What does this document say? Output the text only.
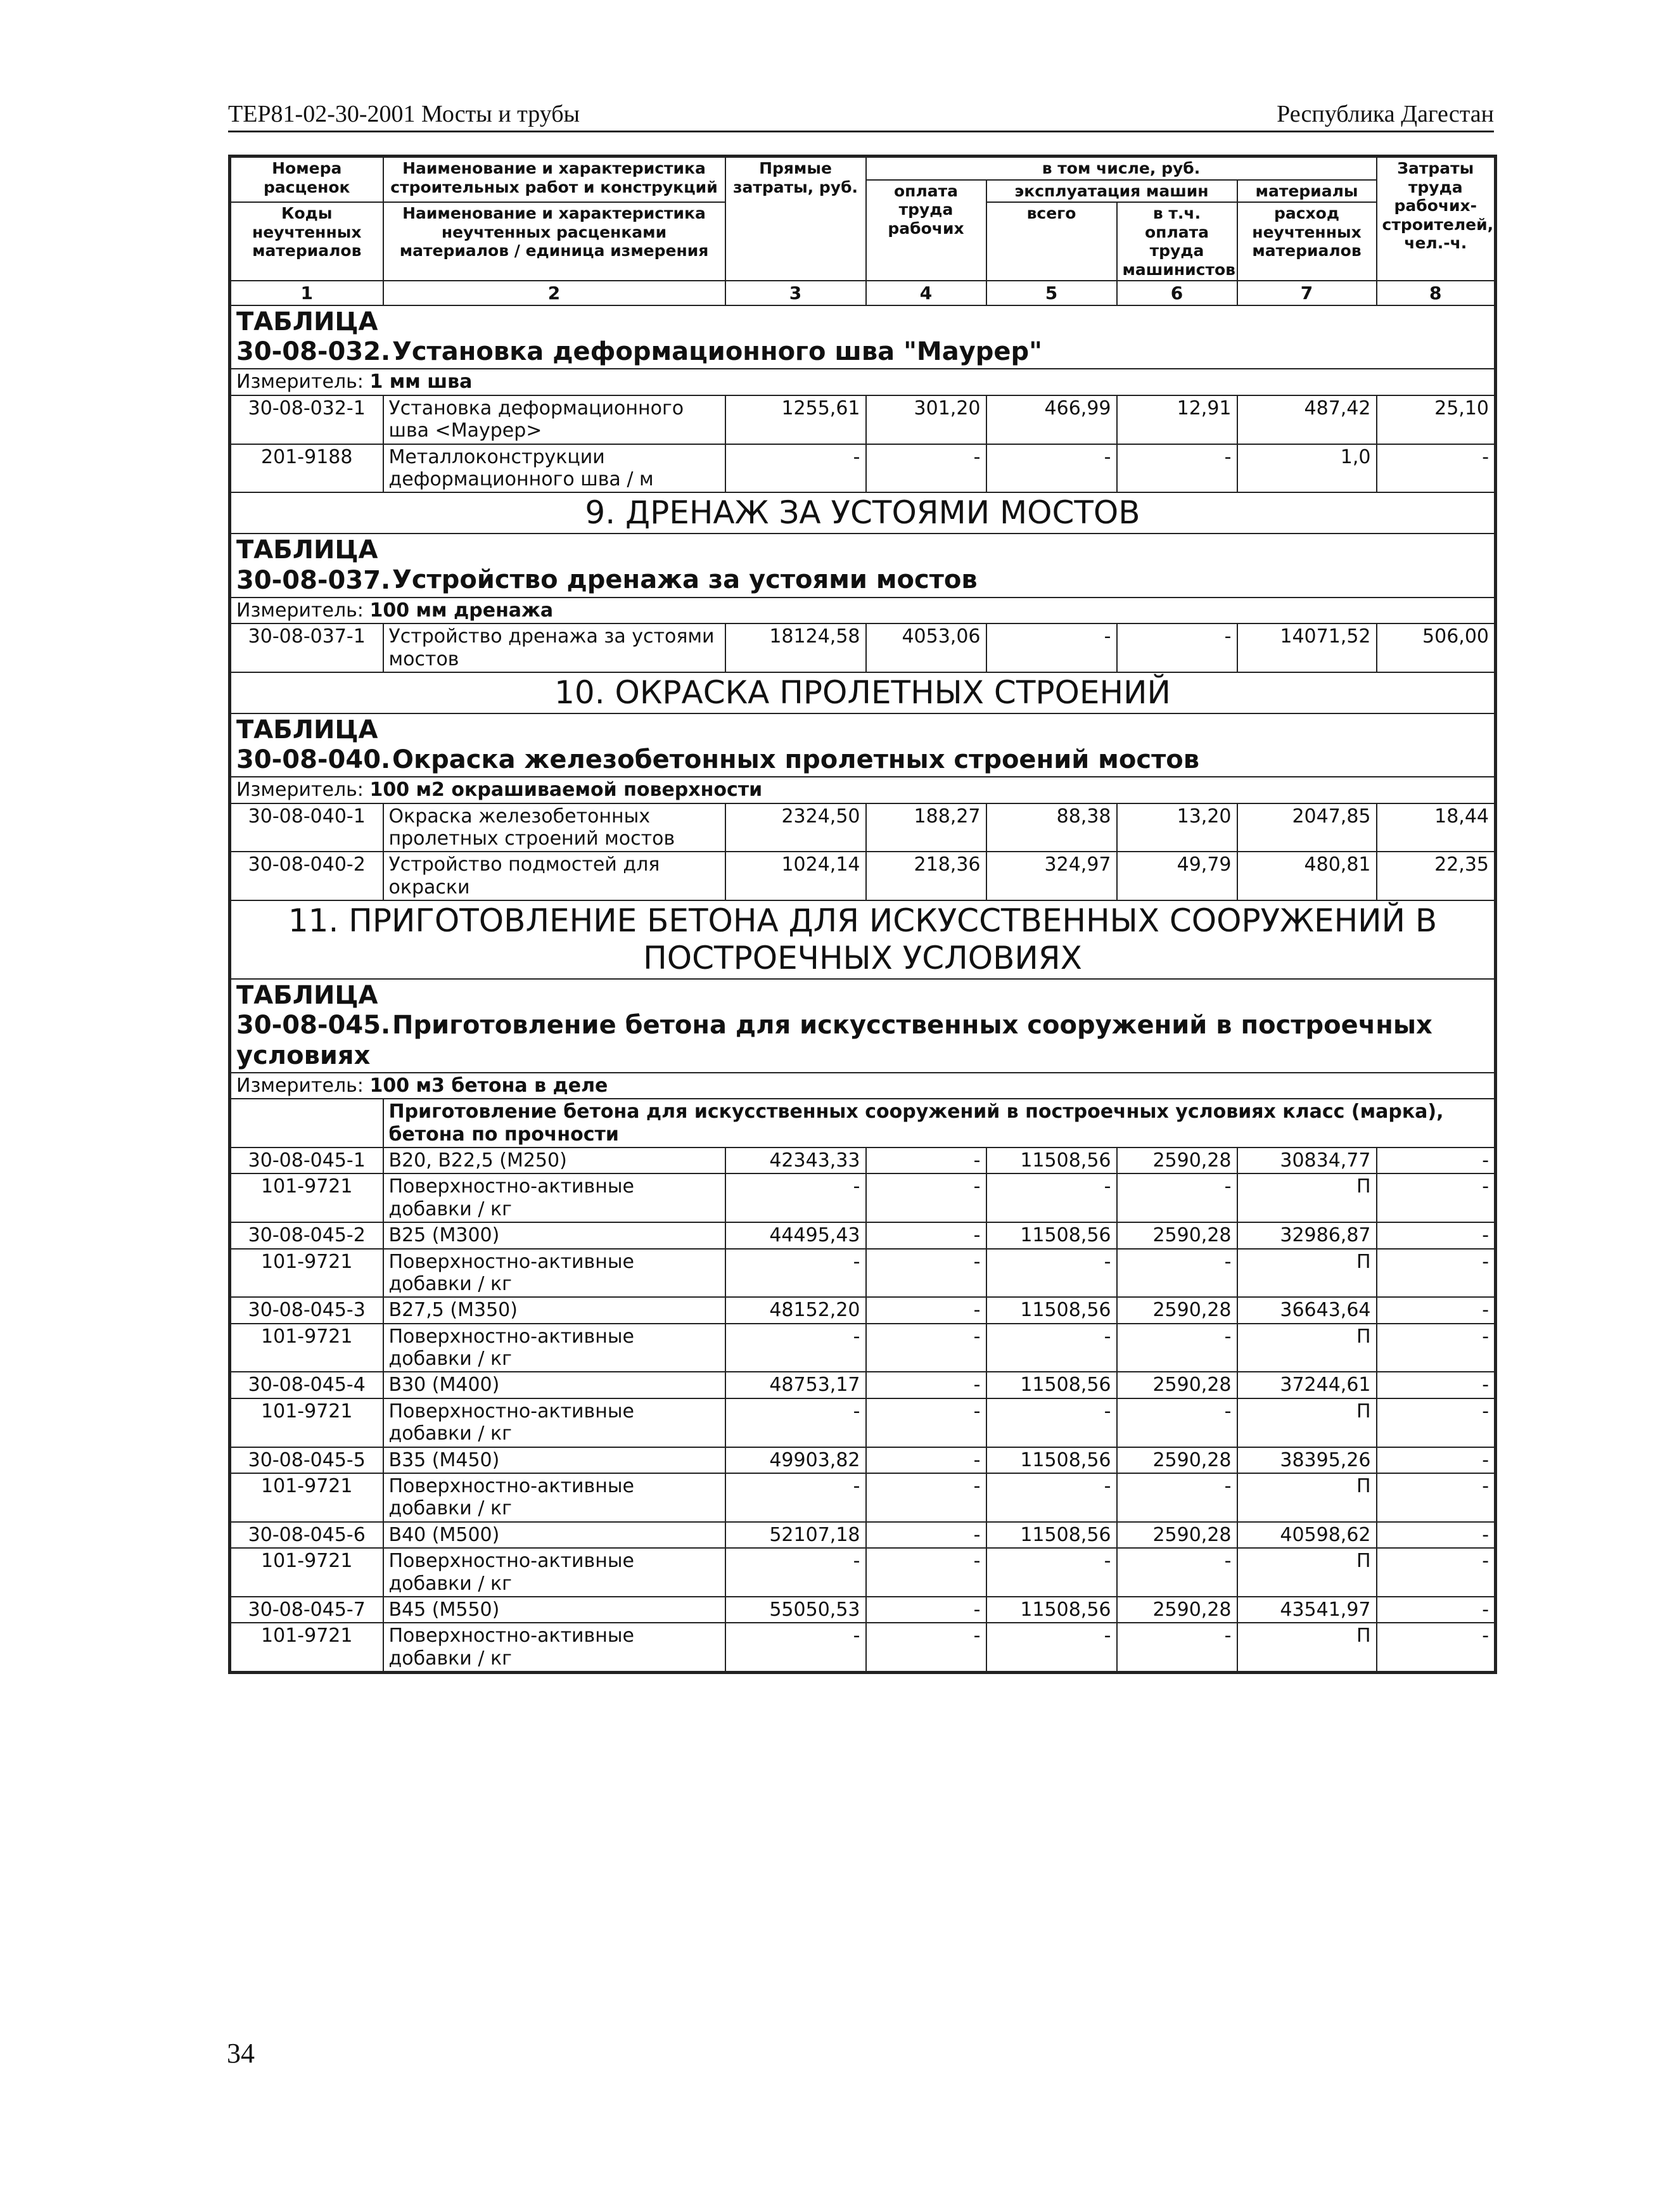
ТЕР81-02-30-2001 Мосты и трубы	Республика Дагестан
Номера расценок	Наименование и характеристика строительных работ и конструкций	Прямые затраты, руб.	в том числе, руб.				Затраты труда рабочих-строителей, чел.-ч.
			оплата труда рабочих	эксплуатация машин		материалы	
Коды неучтенных материалов	Наименование и характеристика неучтенных расценками материалов / единица измерения			всего	в т.ч. оплата труда машинистов	расход неучтенных материалов	

1	2	3	4	5	6	7	8
ТАБЛИЦА 30-08-032.Установка деформационного шва "Маурер"							
Измеритель: 1 мм шва							
30-08-032-1	Установка деформационного шва <Маурер>	1255,61	301,20	466,99	12,91	487,42	25,10
201-9188	Металлоконструкции деформационного шва / м	-	-	-	-	1,0	-
9. ДРЕНАЖ ЗА УСТОЯМИ МОСТОВ							
ТАБЛИЦА 30-08-037.Устройство дренажа за устоями мостов							
Измеритель: 100 мм дренажа							
30-08-037-1	Устройство дренажа за устоями мостов	18124,58	4053,06	-	-	14071,52	506,00
10. ОКРАСКА ПРОЛЕТНЫХ СТРОЕНИЙ							
ТАБЛИЦА 30-08-040.Окраска железобетонных пролетных строений мостов							
Измеритель: 100 м2 окрашиваемой поверхности							
30-08-040-1	Окраска железобетонных пролетных строений мостов	2324,50	188,27	88,38	13,20	2047,85	18,44
30-08-040-2	Устройство подмостей для окраски	1024,14	218,36	324,97	49,79	480,81	22,35
11. ПРИГОТОВЛЕНИЕ БЕТОНА ДЛЯ ИСКУССТВЕННЫХ СООРУЖЕНИЙ В ПОСТРОЕЧНЫХ УСЛОВИЯХ							
ТАБЛИЦА 30-08-045.Приготовление бетона для искусственных сооружений в построечных условиях							
Измеритель: 100 м3 бетона в деле							
	Приготовление бетона для искусственных сооружений в построечных условиях класс (марка), бетона по прочности						
30-08-045-1	В20, В22,5 (М250)	42343,33	-	11508,56	2590,28	30834,77	-
101-9721	Поверхностно-активные добавки / кг	-	-	-	-	П	-
30-08-045-2	В25 (М300)	44495,43	-	11508,56	2590,28	32986,87	-
101-9721	Поверхностно-активные добавки / кг	-	-	-	-	П	-
30-08-045-3	В27,5 (М350)	48152,20	-	11508,56	2590,28	36643,64	-
101-9721	Поверхностно-активные добавки / кг	-	-	-	-	П	-
30-08-045-4	В30 (М400)	48753,17	-	11508,56	2590,28	37244,61	-
101-9721	Поверхностно-активные добавки / кг	-	-	-	-	П	-
30-08-045-5	В35 (М450)	49903,82	-	11508,56	2590,28	38395,26	-
101-9721	Поверхностно-активные добавки / кг	-	-	-	-	П	-
30-08-045-6	В40 (М500)	52107,18	-	11508,56	2590,28	40598,62	-
101-9721	Поверхностно-активные добавки / кг	-	-	-	-	П	-
30-08-045-7	В45 (М550)	55050,53	-	11508,56	2590,28	43541,97	-
101-9721	Поверхностно-активные добавки / кг	-	-	-	-	П	-
34
